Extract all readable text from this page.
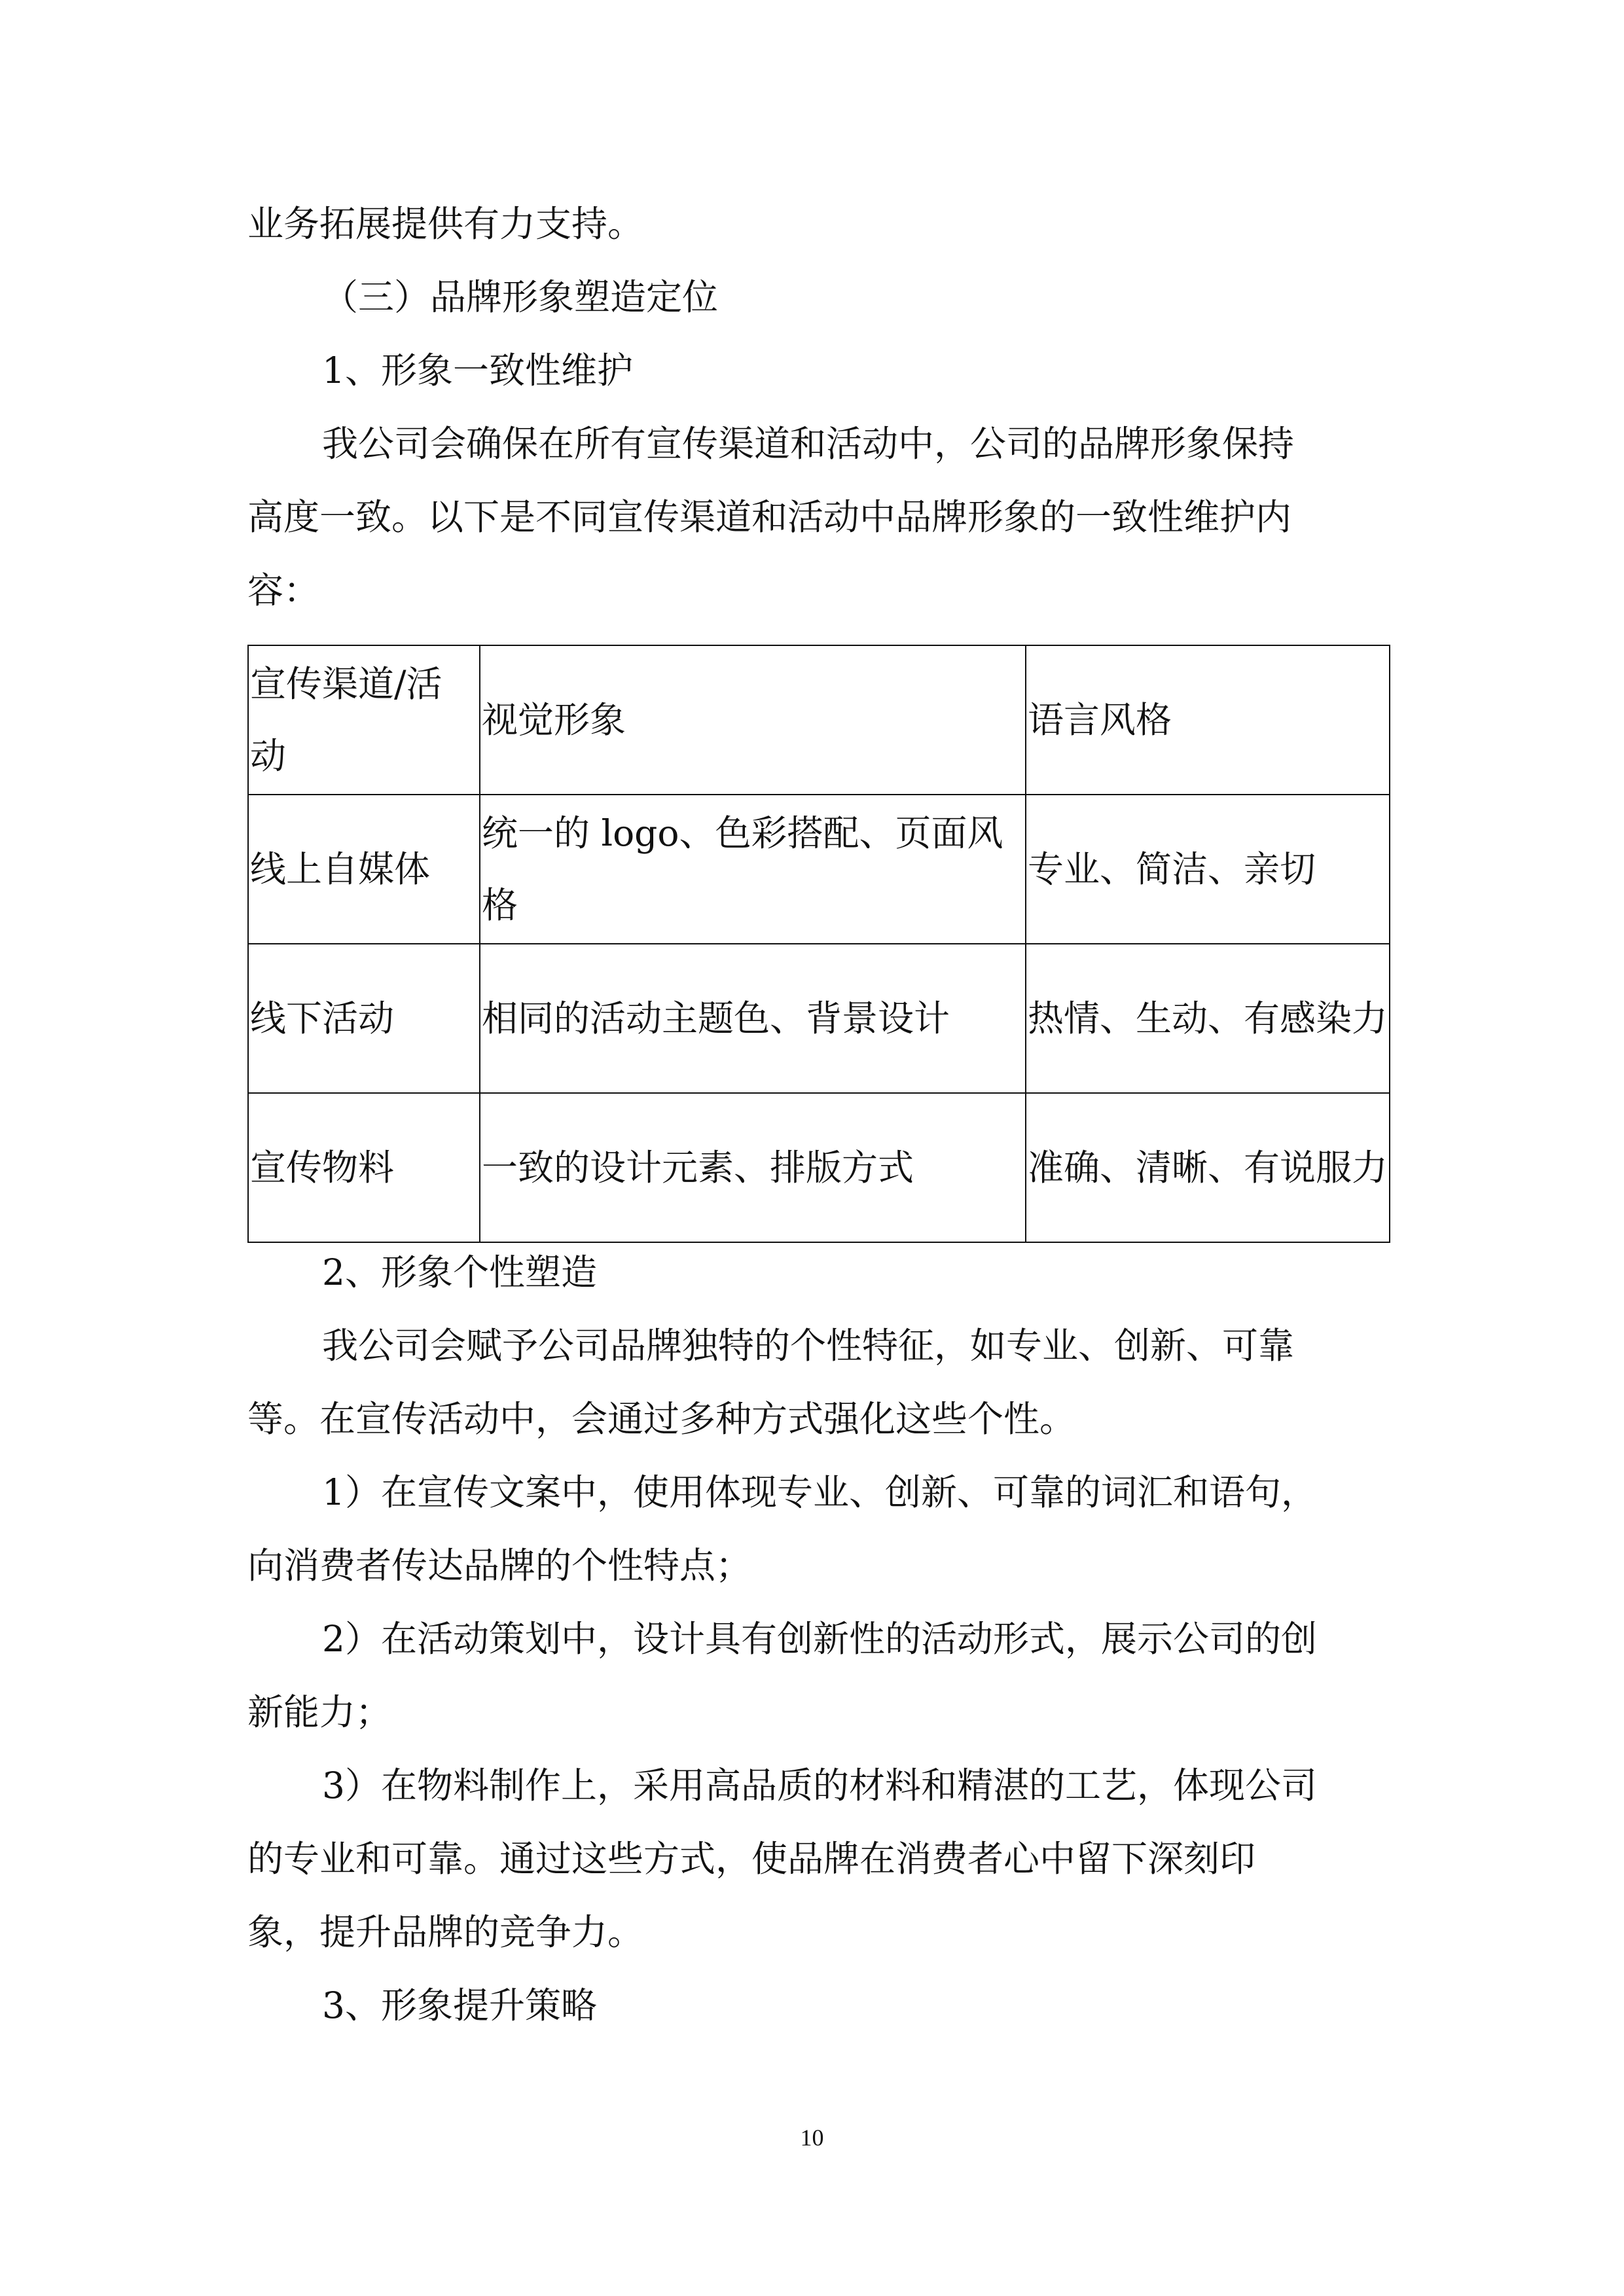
业务拓展提供有力支持。
（三）品牌形象塑造定位
1、形象一致性维护
我公司会确保在所有宣传渠道和活动中，公司的品牌形象保持
高度一致。以下是不同宣传渠道和活动中品牌形象的一致性维护内
容：
宣传渠道/活动	视觉形象	语言风格
线上自媒体	统一的 logo、色彩搭配、页面风格	专业、简洁、亲切
线下活动	相同的活动主题色、背景设计	热情、生动、有感染力
宣传物料	一致的设计元素、排版方式	准确、清晰、有说服力
2、形象个性塑造
我公司会赋予公司品牌独特的个性特征，如专业、创新、可靠
等。在宣传活动中，会通过多种方式强化这些个性。
1）在宣传文案中，使用体现专业、创新、可靠的词汇和语句，
向消费者传达品牌的个性特点；
2）在活动策划中，设计具有创新性的活动形式，展示公司的创
新能力；
3）在物料制作上，采用高品质的材料和精湛的工艺，体现公司
的专业和可靠。通过这些方式，使品牌在消费者心中留下深刻印
象，提升品牌的竞争力。
3、形象提升策略
10
